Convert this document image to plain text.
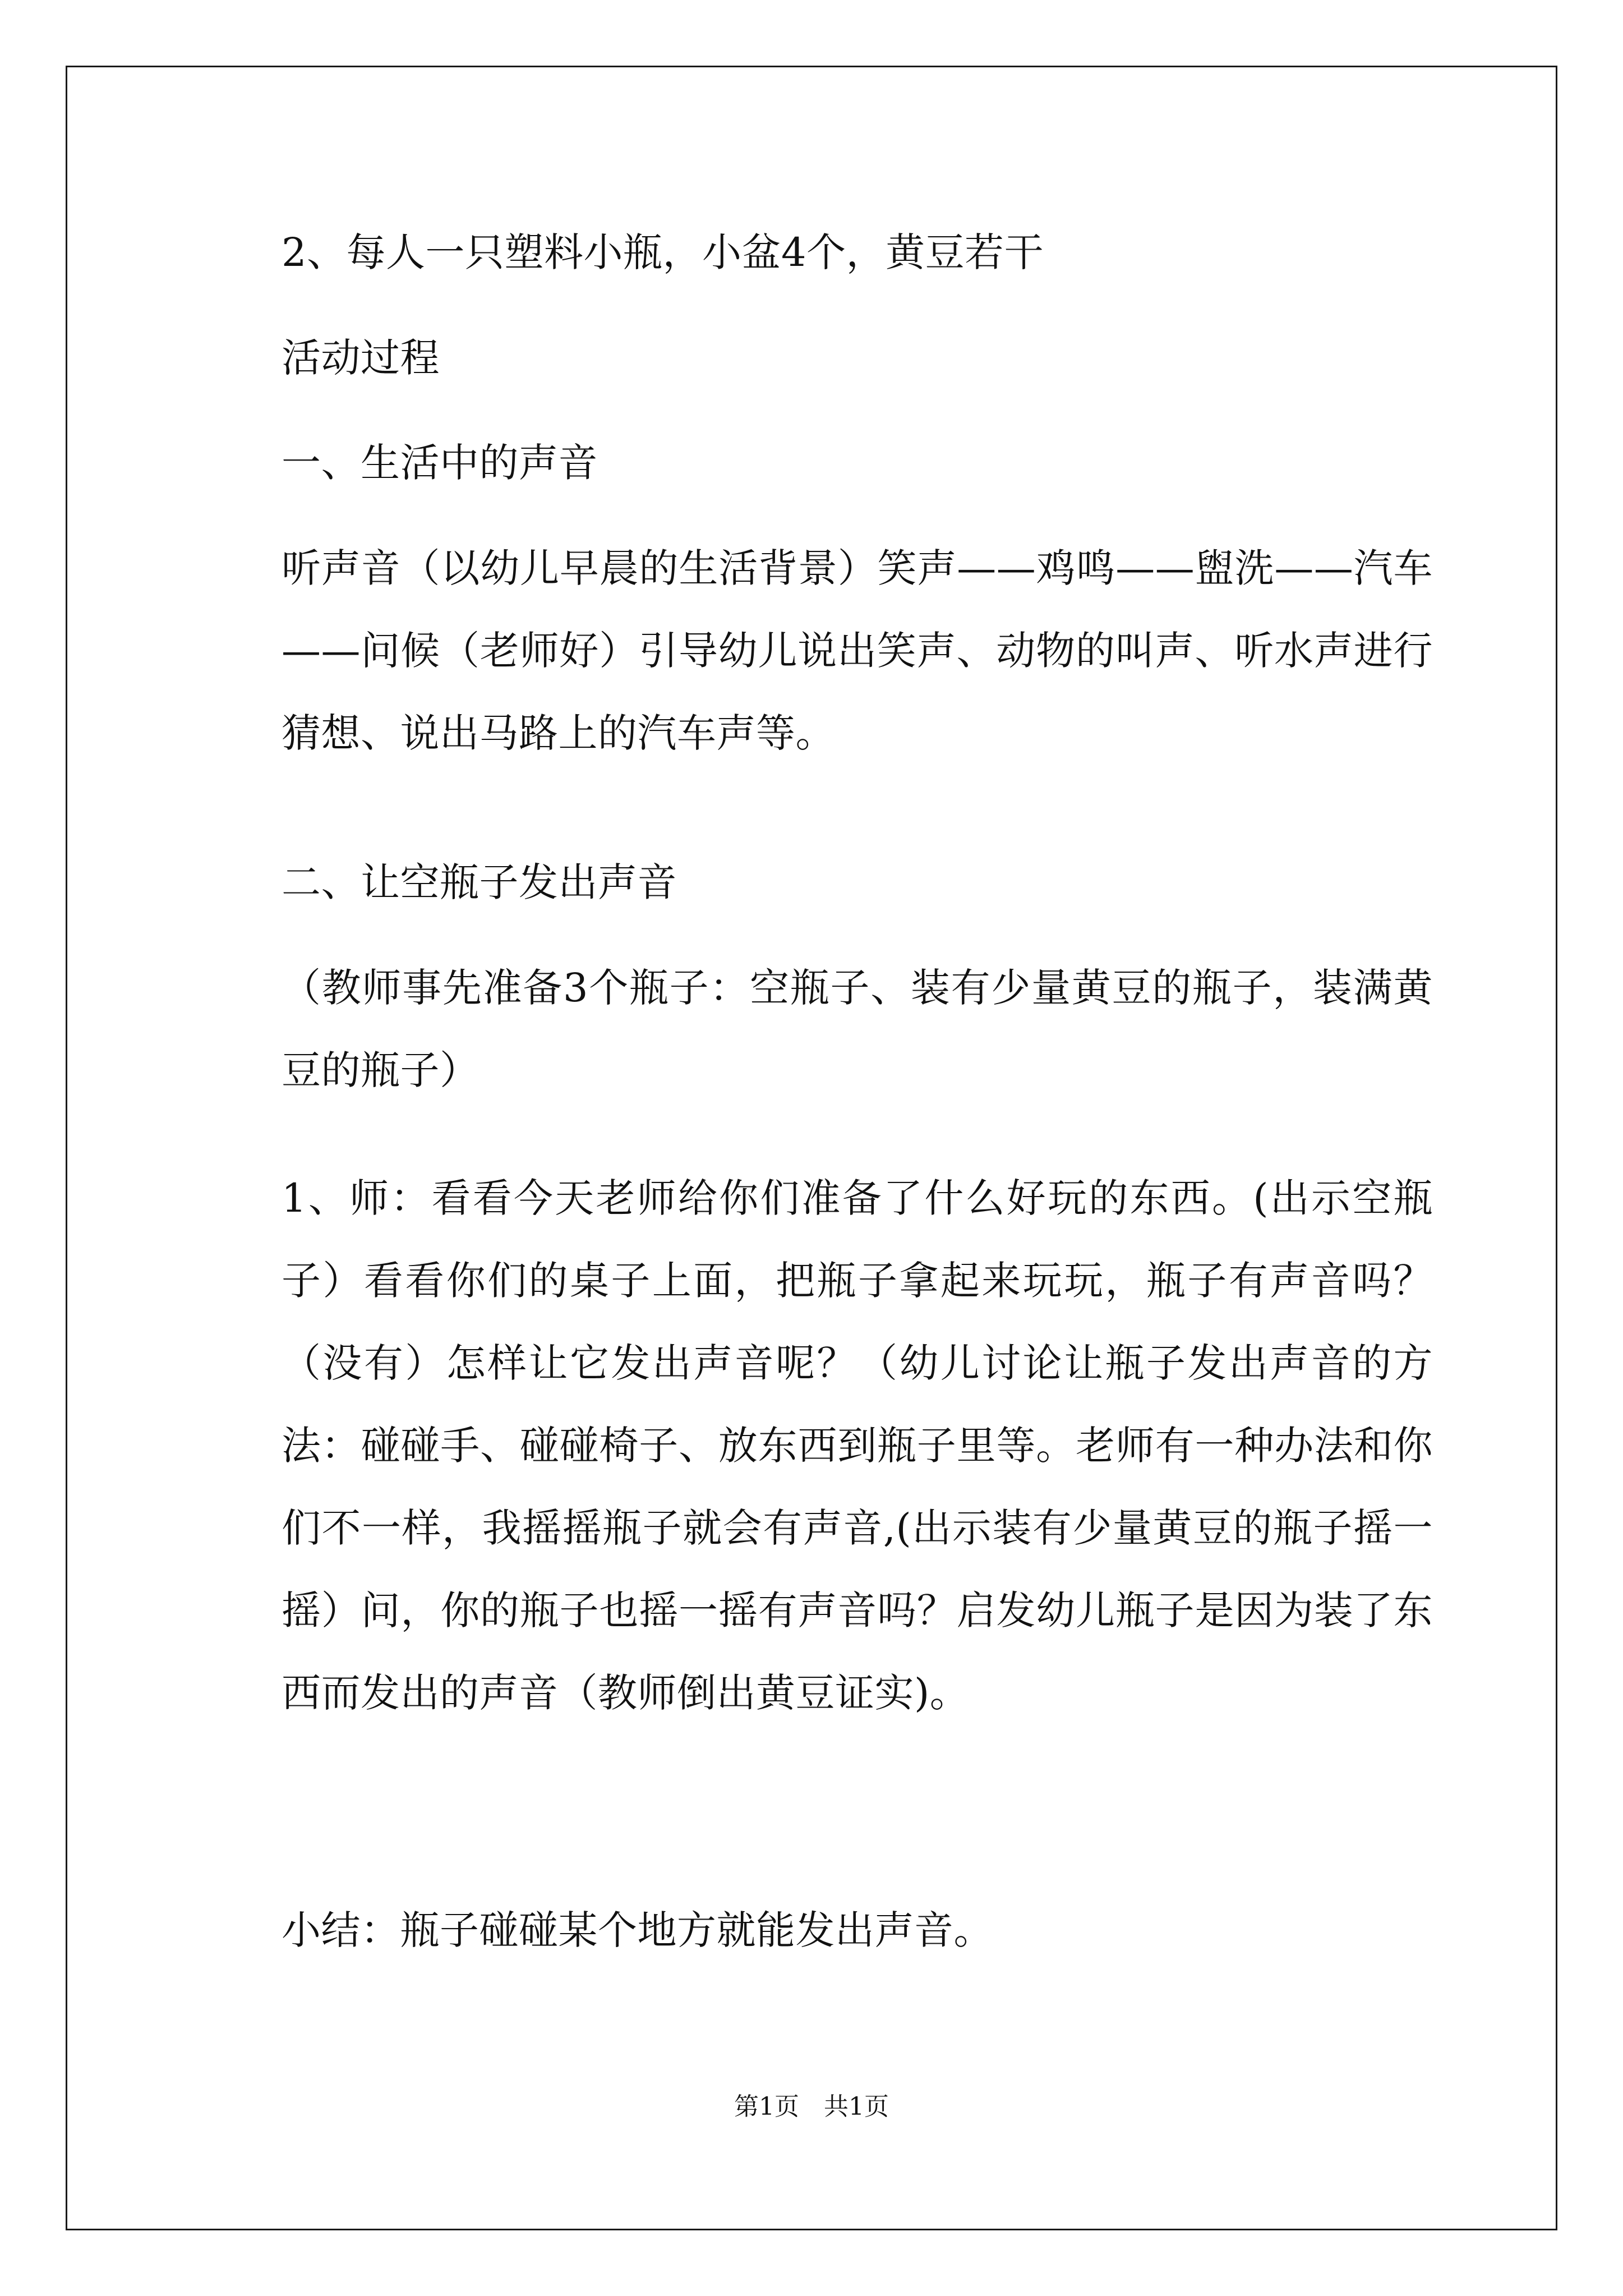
2、每人一只塑料小瓶，小盆4个，黄豆若干
活动过程
一、生活中的声音
听声音（以幼儿早晨的生活背景）笑声——鸡鸣——盥洗——汽车——问候（老师好）引导幼儿说出笑声、动物的叫声、听水声进行猜想、说出马路上的汽车声等。
二、让空瓶子发出声音
（教师事先准备3个瓶子：空瓶子、装有少量黄豆的瓶子，装满黄豆的瓶子）
1、师：看看今天老师给你们准备了什么好玩的东西。(出示空瓶子）看看你们的桌子上面，把瓶子拿起来玩玩，瓶子有声音吗？（没有）怎样让它发出声音呢？（幼儿讨论让瓶子发出声音的方法：碰碰手、碰碰椅子、放东西到瓶子里等。老师有一种办法和你们不一样，我摇摇瓶子就会有声音,(出示装有少量黄豆的瓶子摇一摇）问，你的瓶子也摇一摇有声音吗？启发幼儿瓶子是因为装了东西而发出的声音（教师倒出黄豆证实)。
小结：瓶子碰碰某个地方就能发出声音。
第1页 共1页
